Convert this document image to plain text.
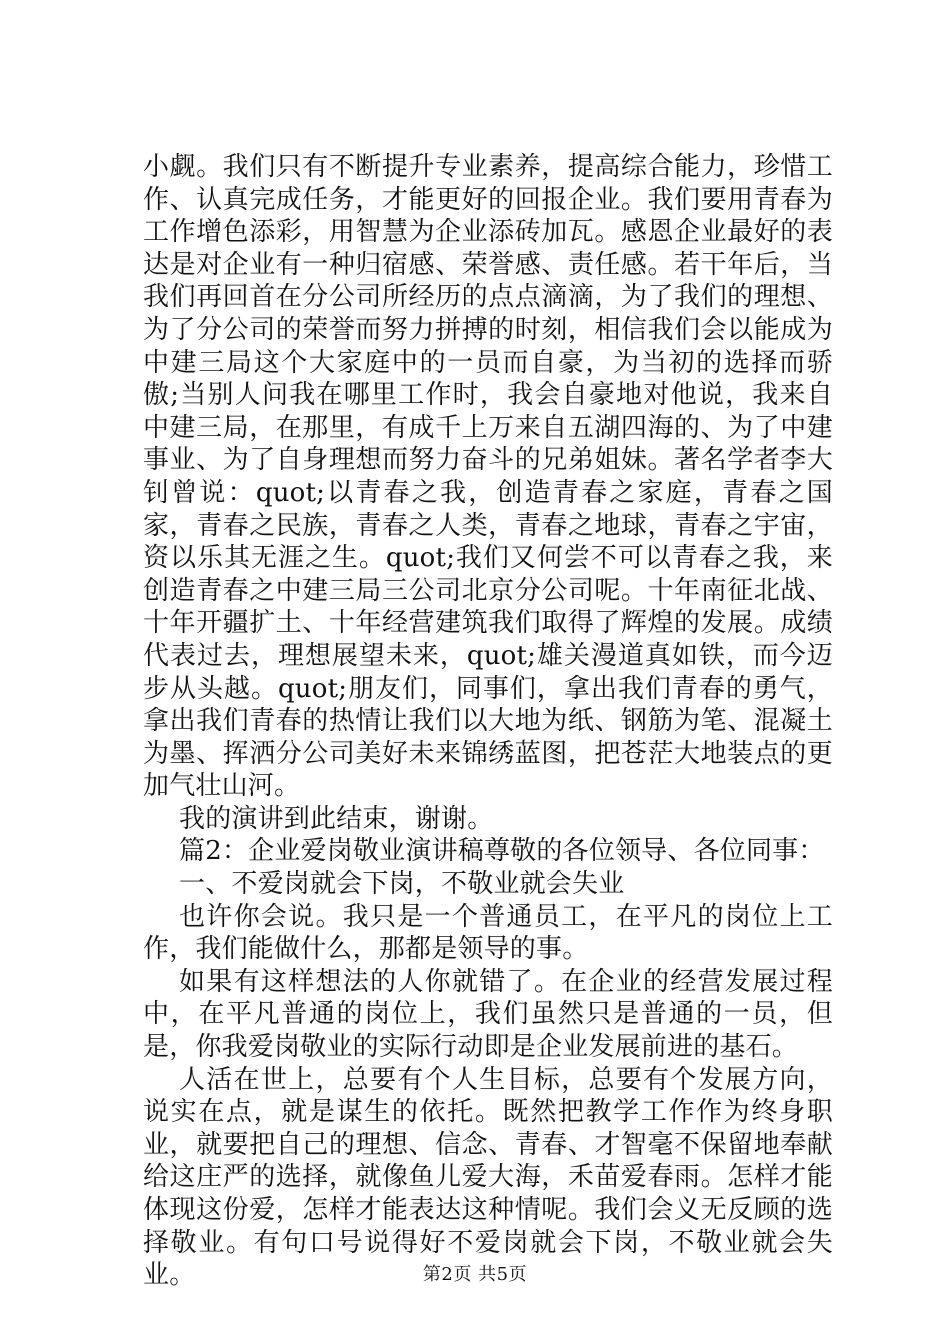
小觑。我们只有不断提升专业素养，提高综合能力，珍惜工作、认真完成任务，才能更好的回报企业。我们要用青春为工作增色添彩，用智慧为企业添砖加瓦。感恩企业最好的表达是对企业有一种归宿感、荣誉感、责任感。若干年后，当我们再回首在分公司所经历的点点滴滴，为了我们的理想、为了分公司的荣誉而努力拼搏的时刻，相信我们会以能成为中建三局这个大家庭中的一员而自豪，为当初的选择而骄傲;当别人问我在哪里工作时，我会自豪地对他说，我来自中建三局，在那里，有成千上万来自五湖四海的、为了中建事业、为了自身理想而努力奋斗的兄弟姐妹。著名学者李大钊曾说：quot;以青春之我，创造青春之家庭，青春之国家，青春之民族，青春之人类，青春之地球，青春之宇宙，资以乐其无涯之生。quot;我们又何尝不可以青春之我，来创造青春之中建三局三公司北京分公司呢。十年南征北战、十年开疆扩土、十年经营建筑我们取得了辉煌的发展。成绩代表过去，理想展望未来，quot;雄关漫道真如铁，而今迈步从头越。quot;朋友们，同事们，拿出我们青春的勇气，拿出我们青春的热情让我们以大地为纸、钢筋为笔、混凝土为墨、挥洒分公司美好未来锦绣蓝图，把苍茫大地装点的更加气壮山河。

我的演讲到此结束，谢谢。

篇2：企业爱岗敬业演讲稿尊敬的各位领导、各位同事：

一、不爱岗就会下岗，不敬业就会失业

也许你会说。我只是一个普通员工，在平凡的岗位上工作，我们能做什么，那都是领导的事。

如果有这样想法的人你就错了。在企业的经营发展过程中，在平凡普通的岗位上，我们虽然只是普通的一员，但是，你我爱岗敬业的实际行动即是企业发展前进的基石。

人活在世上，总要有个人生目标，总要有个发展方向，说实在点，就是谋生的依托。既然把教学工作作为终身职业，就要把自己的理想、信念、青春、才智毫不保留地奉献给这庄严的选择，就像鱼儿爱大海，禾苗爱春雨。怎样才能体现这份爱，怎样才能表达这种情呢。我们会义无反顾的选择敬业。有句口号说得好不爱岗就会下岗，不敬业就会失业。	第2页 共5页
